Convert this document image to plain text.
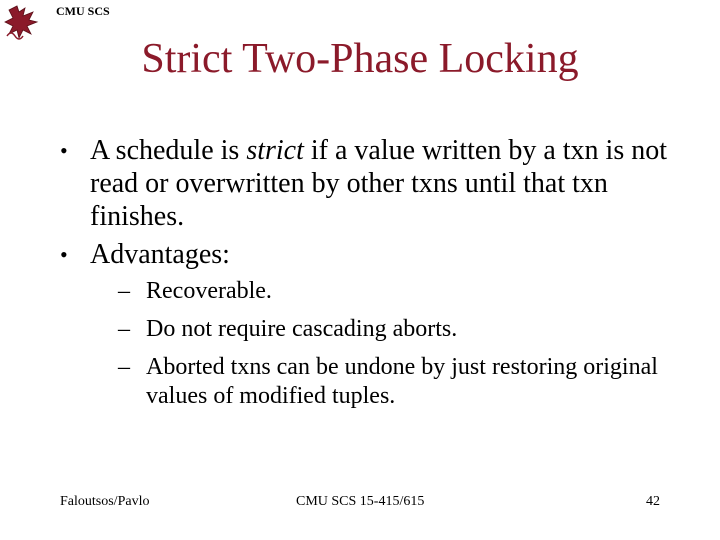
CMU SCS
Strict Two-Phase Locking
• A schedule is strict if a value written by a txn is not read or overwritten by other txns until that txn finishes.
• Advantages:
– Recoverable.
– Do not require cascading aborts.
– Aborted txns can be undone by just restoring original values of modified tuples.
Faloutsos/Pavlo	CMU SCS 15-415/615	42
